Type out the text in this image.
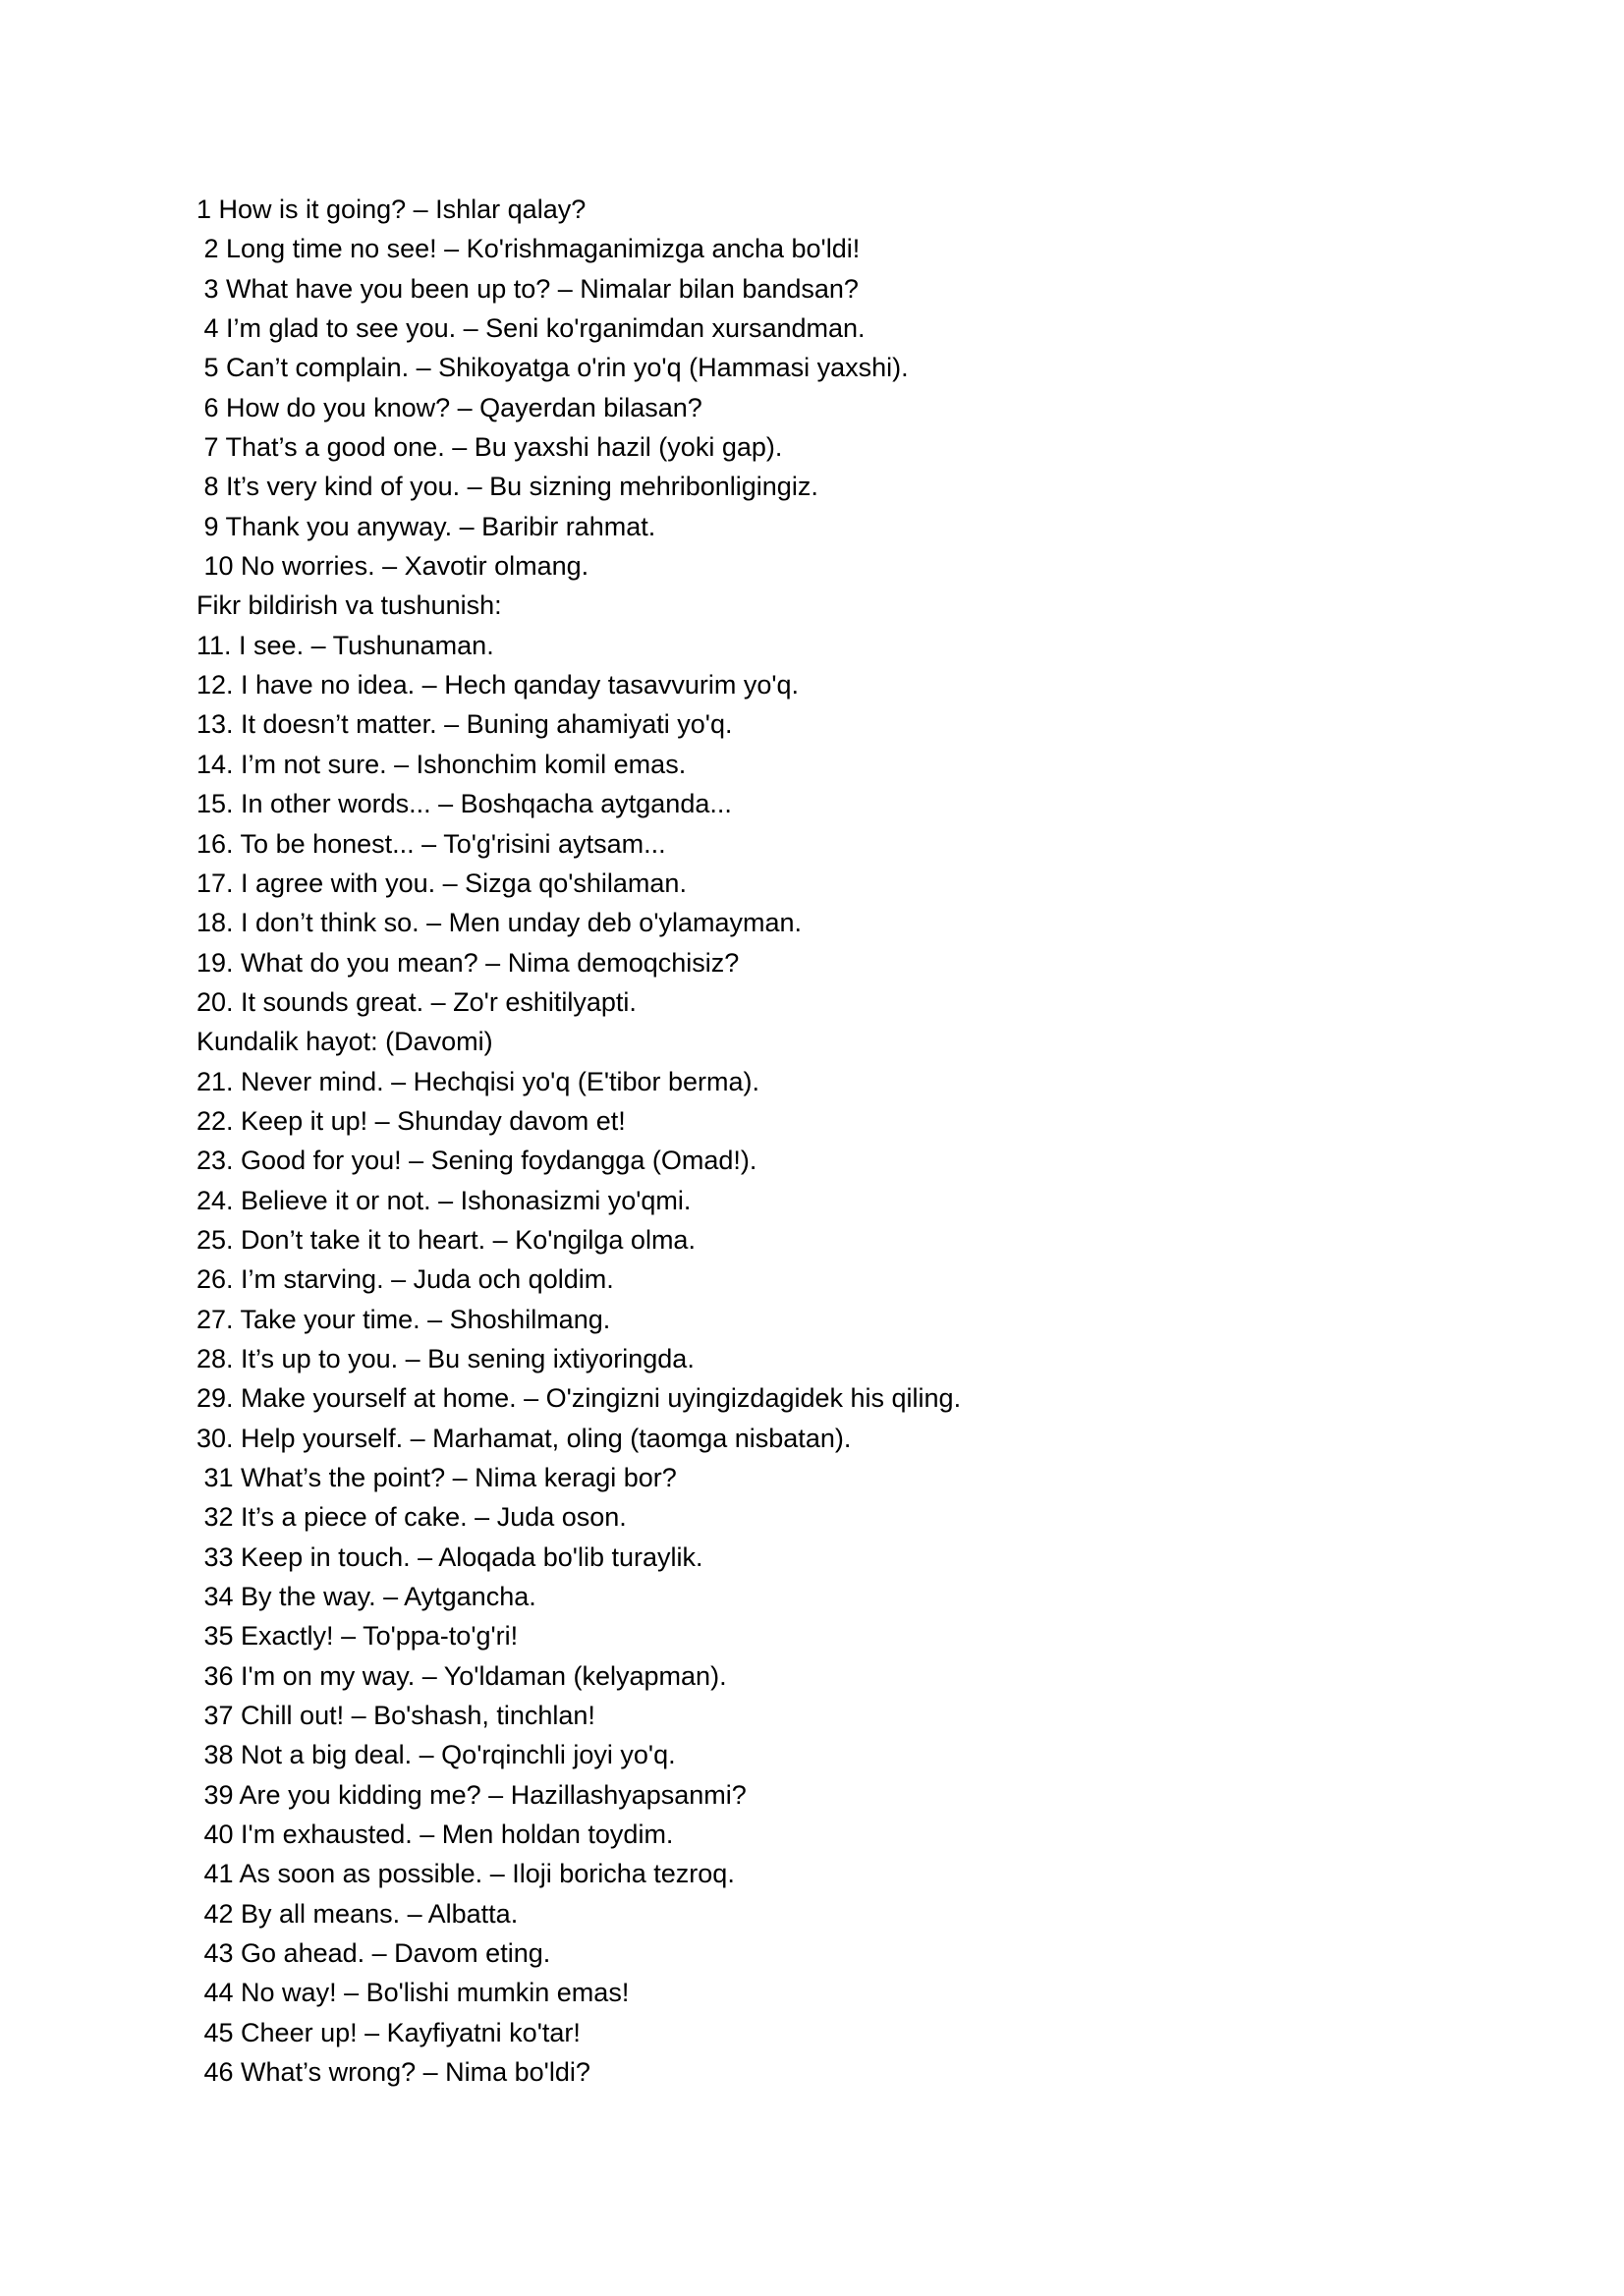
1 How is it going? – Ishlar qalay?
2 Long time no see! – Ko'rishmaganimizga ancha bo'ldi!
3 What have you been up to? – Nimalar bilan bandsan?
4 I’m glad to see you. – Seni ko'rganimdan xursandman.
5 Can’t complain. – Shikoyatga o'rin yo'q (Hammasi yaxshi).
6 How do you know? – Qayerdan bilasan?
7 That’s a good one. – Bu yaxshi hazil (yoki gap).
8 It’s very kind of you. – Bu sizning mehribonligingiz.
9 Thank you anyway. – Baribir rahmat.
10 No worries. – Xavotir olmang.
Fikr bildirish va tushunish:
11. I see. – Tushunaman.
12. I have no idea. – Hech qanday tasavvurim yo'q.
13. It doesn’t matter. – Buning ahamiyati yo'q.
14. I’m not sure. – Ishonchim komil emas.
15. In other words... – Boshqacha aytganda...
16. To be honest... – To'g'risini aytsam...
17. I agree with you. – Sizga qo'shilaman.
18. I don’t think so. – Men unday deb o'ylamayman.
19. What do you mean? – Nima demoqchisiz?
20. It sounds great. – Zo'r eshitilyapti.
Kundalik hayot: (Davomi)
21. Never mind. – Hechqisi yo'q (E'tibor berma).
22. Keep it up! – Shunday davom et!
23. Good for you! – Sening foydangga (Omad!).
24. Believe it or not. – Ishonasizmi yo'qmi.
25. Don’t take it to heart. – Ko'ngilga olma.
26. I’m starving. – Juda och qoldim.
27. Take your time. – Shoshilmang.
28. It’s up to you. – Bu sening ixtiyoringda.
29. Make yourself at home. – O'zingizni uyingizdagidek his qiling.
30. Help yourself. – Marhamat, oling (taomga nisbatan).
31 What’s the point? – Nima keragi bor?
32 It’s a piece of cake. – Juda oson.
33 Keep in touch. – Aloqada bo'lib turaylik.
34 By the way. – Aytgancha.
35 Exactly! – To'ppa-to'g'ri!
36 I'm on my way. – Yo'ldaman (kelyapman).
37 Chill out! – Bo'shash, tinchlan!
38 Not a big deal. – Qo'rqinchli joyi yo'q.
39 Are you kidding me? – Hazillashyapsanmi?
40 I'm exhausted. – Men holdan toydim.
41 As soon as possible. – Iloji boricha tezroq.
42 By all means. – Albatta.
43 Go ahead. – Davom eting.
44 No way! – Bo'lishi mumkin emas!
45 Cheer up! – Kayfiyatni ko'tar!
46 What’s wrong? – Nima bo'ldi?
